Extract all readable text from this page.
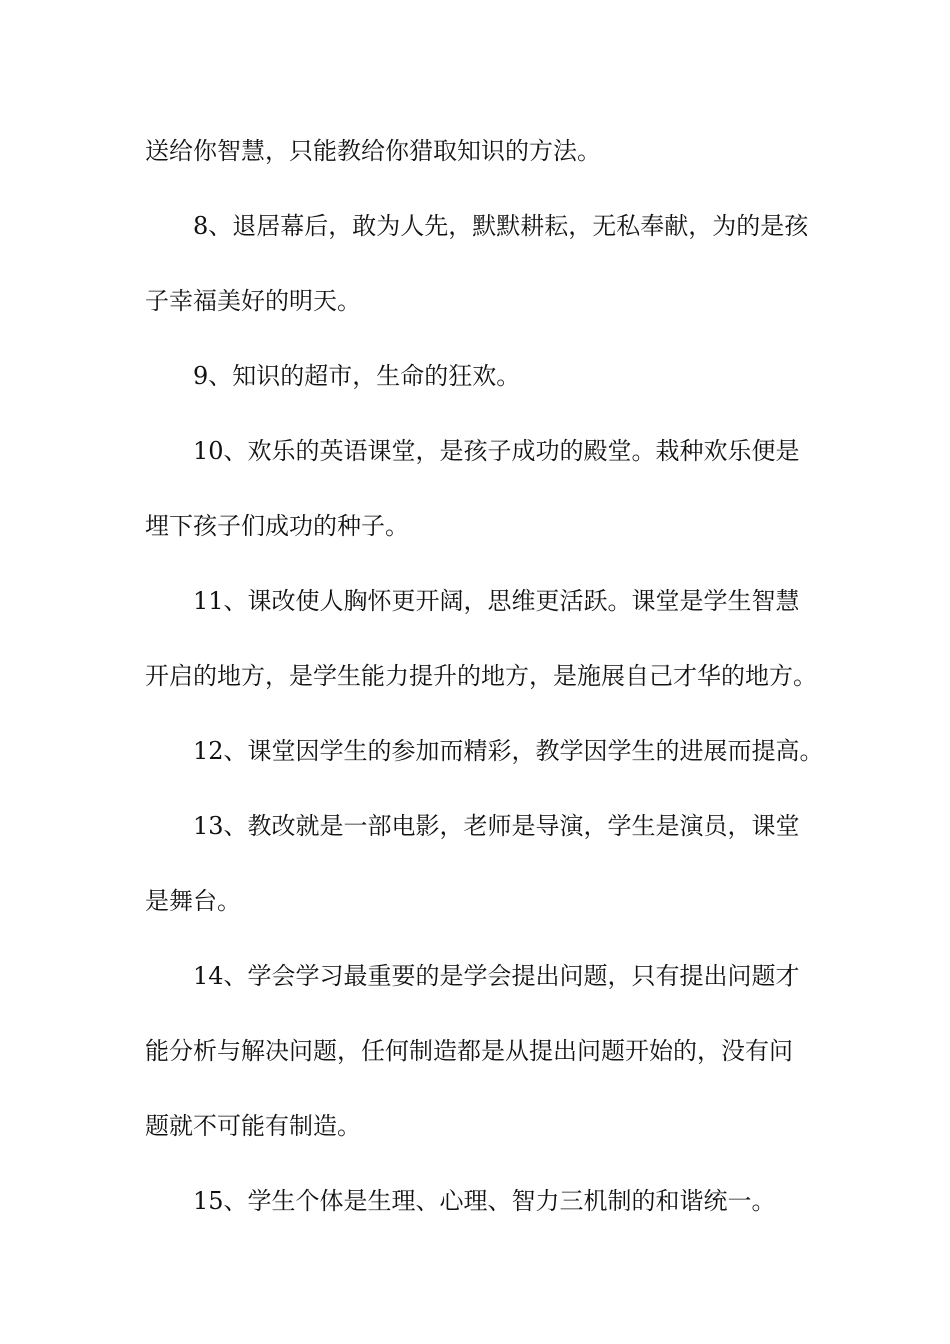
送给你智慧，只能教给你猎取知识的方法。
8、退居幕后，敢为人先，默默耕耘，无私奉献，为的是孩
子幸福美好的明天。
9、知识的超市，生命的狂欢。
10、欢乐的英语课堂，是孩子成功的殿堂。栽种欢乐便是
埋下孩子们成功的种子。
11、课改使人胸怀更开阔，思维更活跃。课堂是学生智慧
开启的地方，是学生能力提升的地方，是施展自己才华的地方。
12、课堂因学生的参加而精彩，教学因学生的进展而提高。
13、教改就是一部电影，老师是导演，学生是演员，课堂
是舞台。
14、学会学习最重要的是学会提出问题，只有提出问题才
能分析与解决问题，任何制造都是从提出问题开始的，没有问
题就不可能有制造。
15、学生个体是生理、心理、智力三机制的和谐统一。
